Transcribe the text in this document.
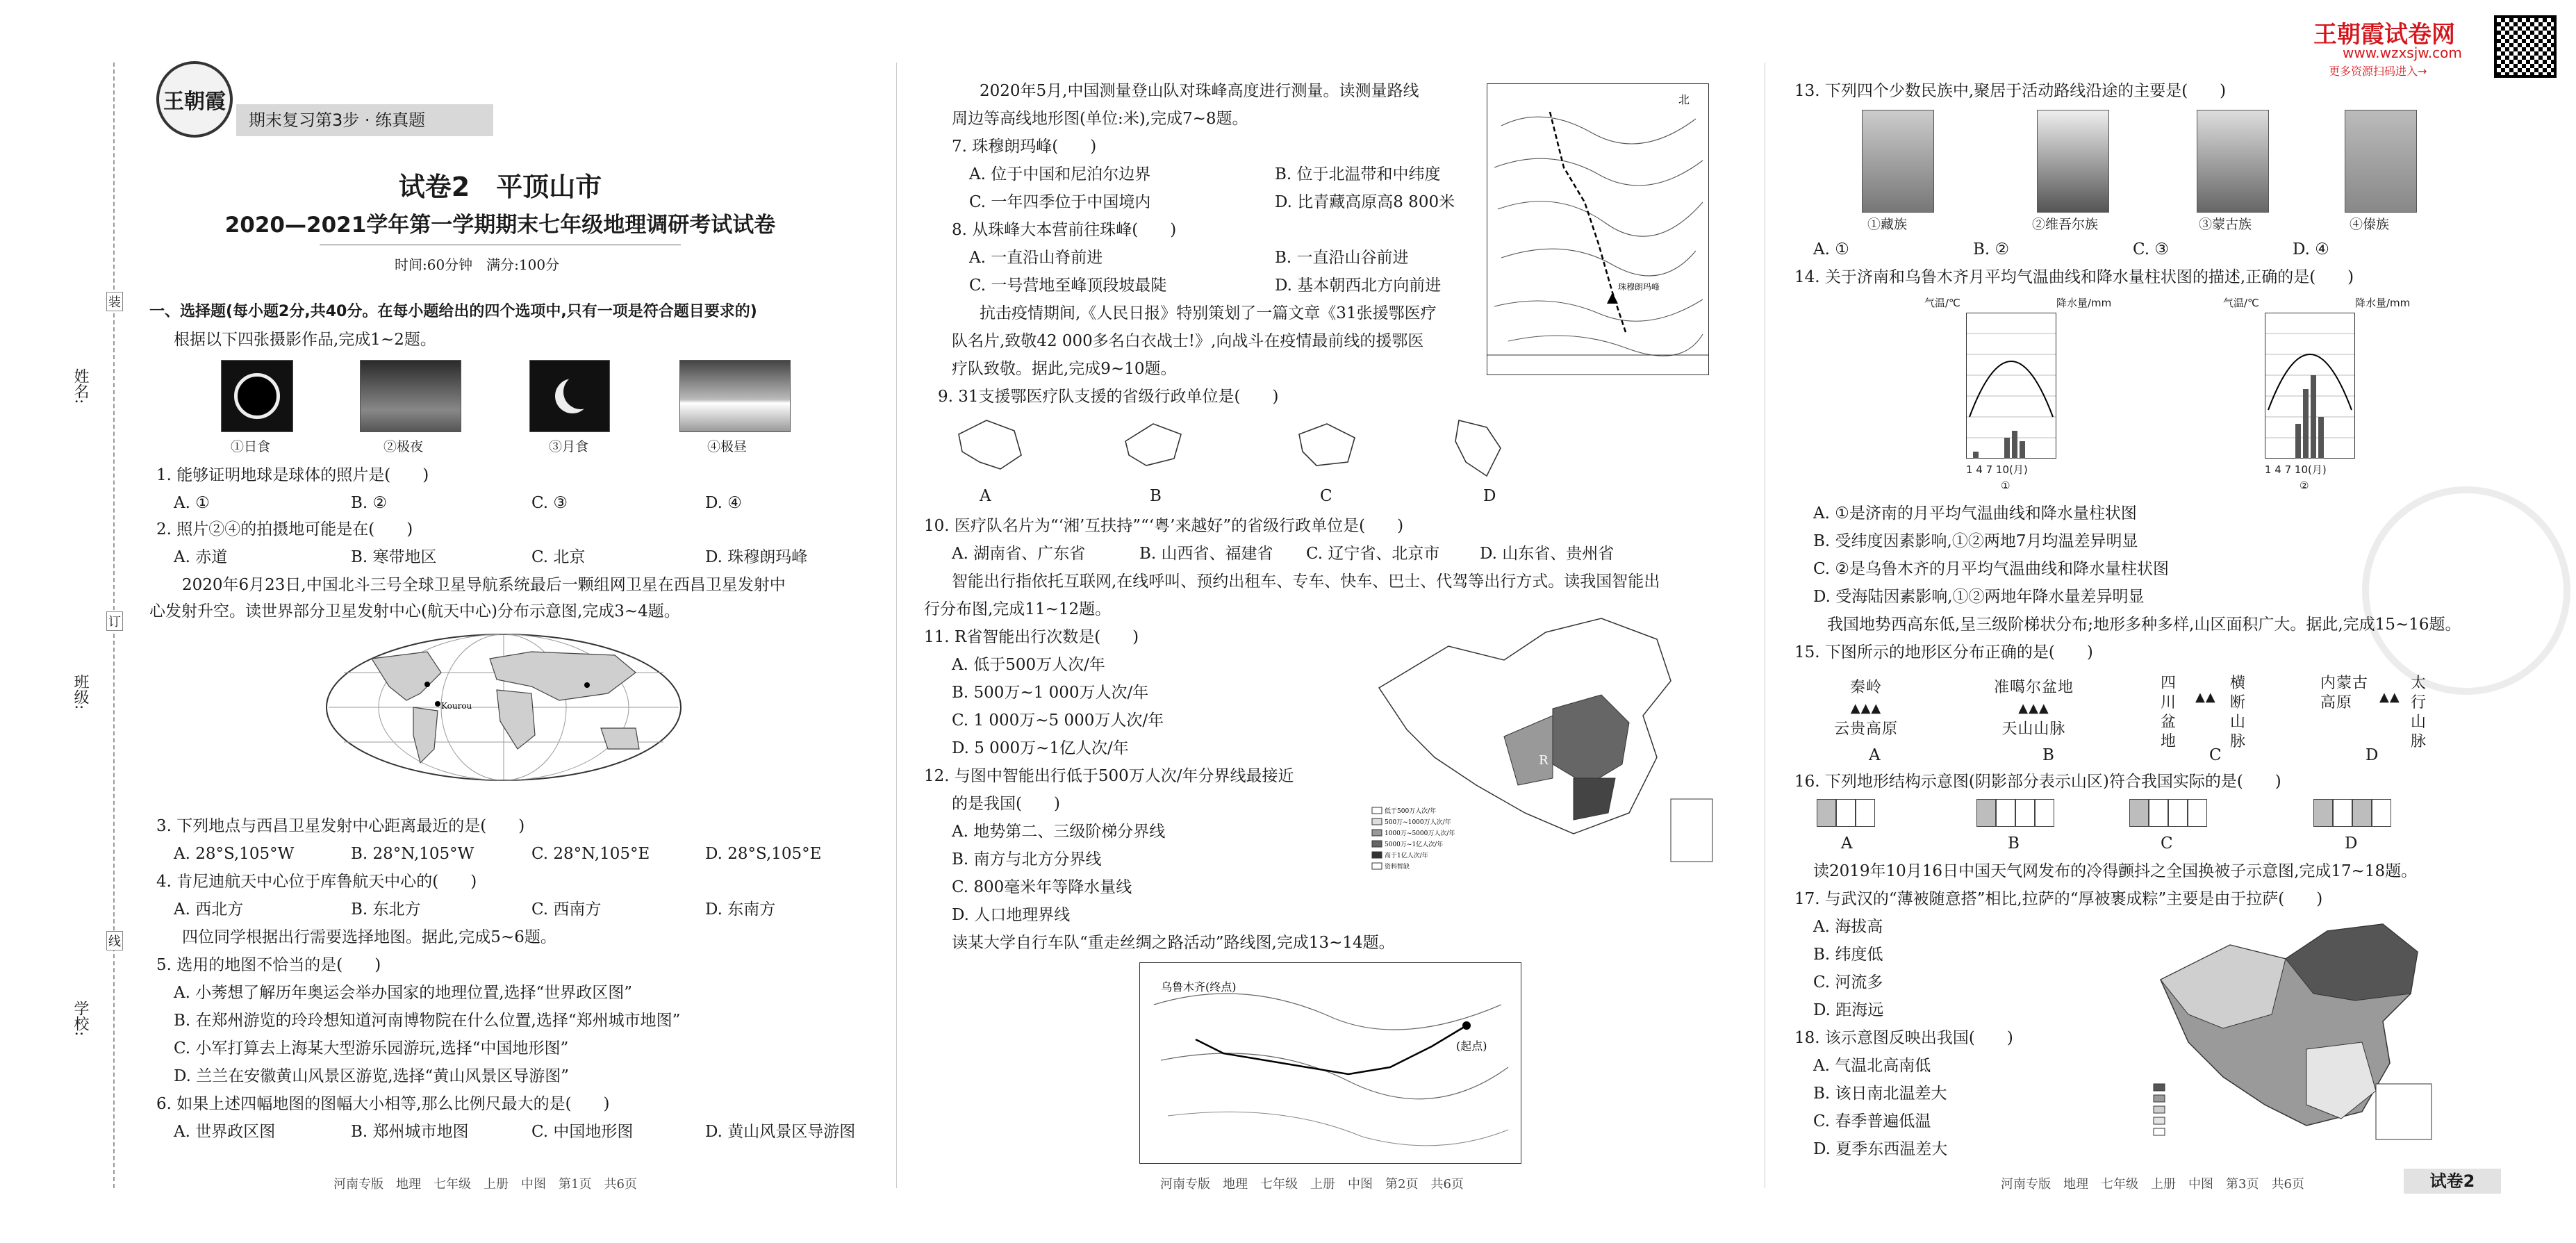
姓名:
班级:
学校:
装
订
线
王朝霞
期末复习第3步 · 练真题
试卷2　平顶山市
2020—2021学年第一学期期末七年级地理调研考试试卷
时间:60分钟　满分:100分
一、选择题(每小题2分,共40分。在每小题给出的四个选项中,只有一项是符合题目要求的)
根据以下四张摄影作品,完成1~2题。
①日食	②极夜	③月食	④极昼
1. 能够证明地球是球体的照片是(　　)
A. ①	B. ②	C. ③	D. ④
2. 照片②④的拍摄地可能是在(　　)
A. 赤道	B. 寒带地区	C. 北京	D. 珠穆朗玛峰
2020年6月23日,中国北斗三号全球卫星导航系统最后一颗组网卫星在西昌卫星发射中
心发射升空。读世界部分卫星发射中心(航天中心)分布示意图,完成3~4题。
Kourou
3. 下列地点与西昌卫星发射中心距离最近的是(　　)
A. 28°S,105°W	B. 28°N,105°W	C. 28°N,105°E	D. 28°S,105°E
4. 肯尼迪航天中心位于库鲁航天中心的(　　)
A. 西北方	B. 东北方	C. 西南方	D. 东南方
四位同学根据出行需要选择地图。据此,完成5~6题。
5. 选用的地图不恰当的是(　　)
A. 小莠想了解历年奥运会举办国家的地理位置,选择“世界政区图”
B. 在郑州游览的玲玲想知道河南博物院在什么位置,选择“郑州城市地图”
C. 小军打算去上海某大型游乐园游玩,选择“中国地形图”
D. 兰兰在安徽黄山风景区游览,选择“黄山风景区导游图”
6. 如果上述四幅地图的图幅大小相等,那么比例尺最大的是(　　)
A. 世界政区图	B. 郑州城市地图	C. 中国地形图	D. 黄山风景区导游图
河南专版　地理　七年级　上册　中图　第1页　共6页
2020年5月,中国测量登山队对珠峰高度进行测量。读测量路线
周边等高线地形图(单位:米),完成7~8题。
珠穆朗玛峰
北
7. 珠穆朗玛峰(　　)
A. 位于中国和尼泊尔边界	B. 位于北温带和中纬度
C. 一年四季位于中国境内	D. 比青藏高原高8 800米
8. 从珠峰大本营前往珠峰(　　)
A. 一直沿山脊前进	B. 一直沿山谷前进
C. 一号营地至峰顶段坡最陡	D. 基本朝西北方向前进
抗击疫情期间,《人民日报》特别策划了一篇文章《31张援鄂医疗
队名片,致敬42 000多名白衣战士!》,向战斗在疫情最前线的援鄂医
疗队致敬。据此,完成9~10题。
9. 31支援鄂医疗队支援的省级行政单位是(　　)
A	B	C	D
10. 医疗队名片为“‘湘’互扶持”“‘粤’来越好”的省级行政单位是(　　)
A. 湖南省、广东省	B. 山西省、福建省 C. 辽宁省、北京市	D. 山东省、贵州省
智能出行指依托互联网,在线呼叫、预约出租车、专车、快车、巴士、代驾等出行方式。读我国智能出
行分布图,完成11~12题。
R
低于500万人次/年
500万~1000万人次/年
1000万~5000万人次/年
5000万~1亿人次/年
高于1亿人次/年
资料暂缺
11. R省智能出行次数是(　　)
A. 低于500万人次/年
B. 500万~1 000万人次/年
C. 1 000万~5 000万人次/年
D. 5 000万~1亿人次/年
12. 与图中智能出行低于500万人次/年分界线最接近
的是我国(　　)
A. 地势第二、三级阶梯分界线
B. 南方与北方分界线
C. 800毫米年等降水量线
D. 人口地理界线
读某大学自行车队“重走丝绸之路活动”路线图,完成13~14题。
乌鲁木齐(终点)
(起点)
河南专版　地理　七年级　上册　中图　第2页　共6页
王朝霞试卷网
www.wzxsjw.com
更多资源扫码进入→
13. 下列四个少数民族中,聚居于活动路线沿途的主要是(　　)
①藏族	②维吾尔族	③蒙古族	④傣族
A. ①	B. ②	C. ③	D. ④
14. 关于济南和乌鲁木齐月平均气温曲线和降水量柱状图的描述,正确的是(　　)
气温/℃	降水量/mm
①
气温/℃	降水量/mm
1 4 7 10(月)
②
1 4 7 10(月)
A. ①是济南的月平均气温曲线和降水量柱状图
B. 受纬度因素影响,①②两地7月均温差异明显
C. ②是乌鲁木齐的月平均气温曲线和降水量柱状图
D. 受海陆因素影响,①②两地年降水量差异明显
我国地势西高东低,呈三级阶梯状分布;地形多种多样,山区面积广大。据此,完成15~16题。
15. 下图所示的地形区分布正确的是(　　)
秦岭
▲▲▲
云贵高原
准噶尔盆地
▲▲▲
天山山脉
四川盆地
▲▲
横断山脉
内蒙古高原	▲▲
太行山脉
A	B	C	D
16. 下列地形结构示意图(阴影部分表示山区)符合我国实际的是(　　)
A	B	C	D
读2019年10月16日中国天气网发布的冷得颤抖之全国换被子示意图,完成17~18题。
17. 与武汉的“薄被随意搭”相比,拉萨的“厚被裹成粽”主要是由于拉萨(　　)
A. 海拔高
B. 纬度低
C. 河流多
D. 距海远
18. 该示意图反映出我国(　　)
A. 气温北高南低
B. 该日南北温差大
C. 春季普遍低温
D. 夏季东西温差大
河南专版　地理　七年级　上册　中图　第3页　共6页	试卷2
